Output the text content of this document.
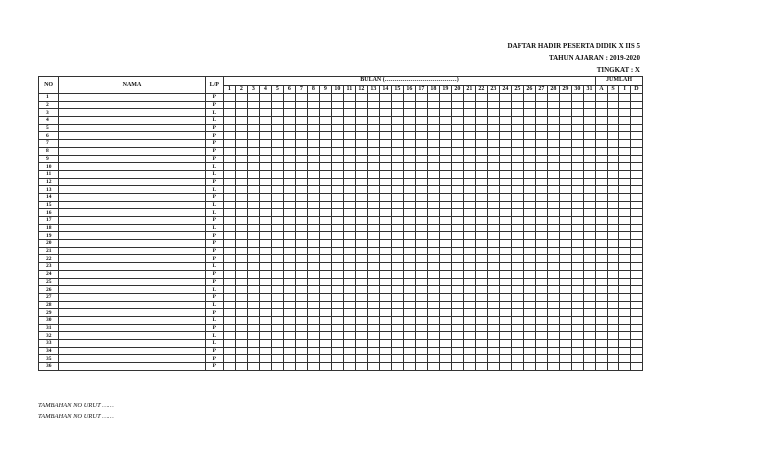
DAFTAR HADIR PESERTA DIDIK X IIS 5
TAHUN AJARAN : 2019-2020
TINGKAT : X
NO	NAMA	L/P	BULAN (………………………………)																															JUMLAH			
			1	2	3	4	5	6	7	8	9	10	11	12	13	14	15	16	17	18	19	20	21	22	23	24	25	26	27	28	29	30	31	A	S	I	D
1		P																																			
2		P																																			
3		L																																			
4		L																																			
5		P																																			
6		P																																			
7		P																																			
8		P																																			
9		P																																			
10		L																																			
11		L																																			
12		P																																			
13		L																																			
14		P																																			
15		L																																			
16		L																																			
17		P																																			
18		L																																			
19		P																																			
20		P																																			
21		P																																			
22		P																																			
23		L																																			
24		P																																			
25		P																																			
26		L																																			
27		P																																			
28		L																																			
29		P																																			
30		L																																			
31		P																																			
32		L																																			
33		L																																			
34		P																																			
35		P																																			
36		P																																			
TAMBAHAN NO URUT ……
TAMBAHAN NO URUT ……
